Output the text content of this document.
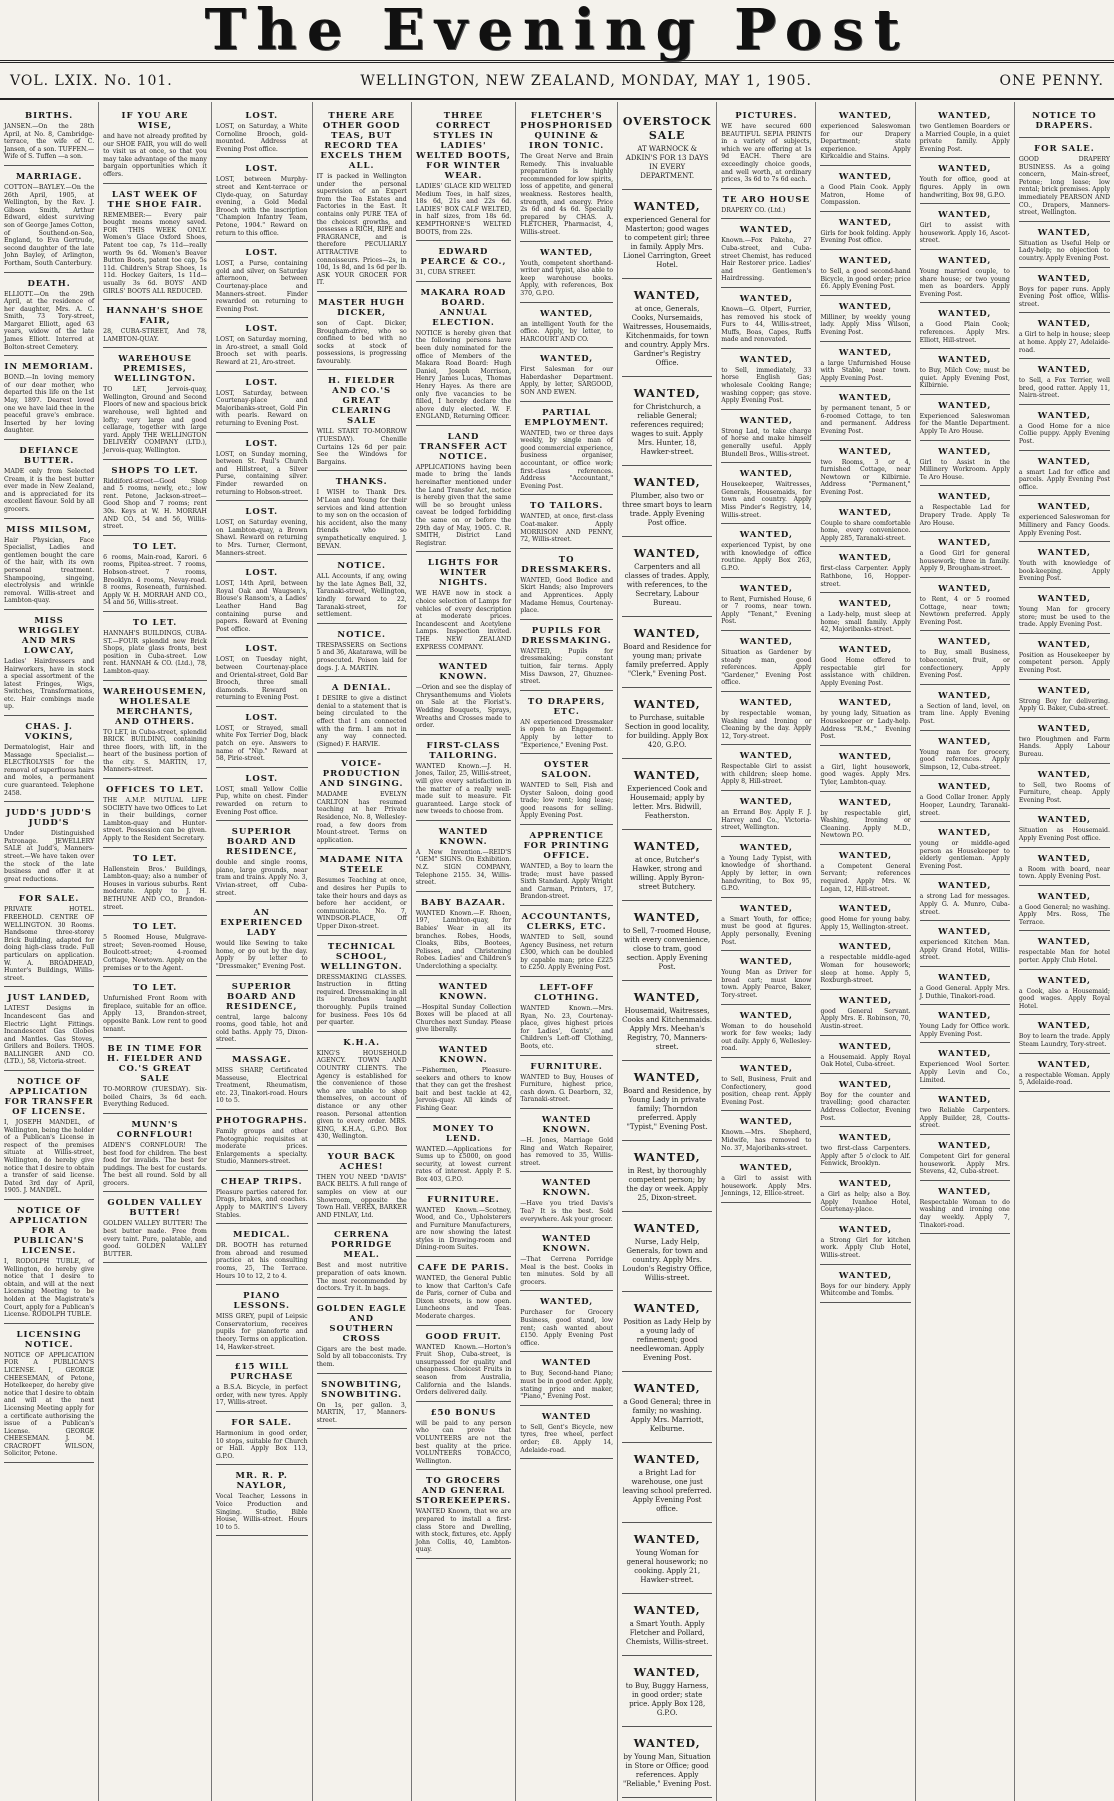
The Evening Post
VOL. LXIX. No. 101.	WELLINGTON, NEW ZEALAND, MONDAY, MAY 1, 1905.	ONE PENNY.
BIRTHS.

JANSEN.—On the 28th April, at No. 8, Cambridge-terrace, the wife of C. Jansen, of a son. TUFFEN.—Wife of S. Tuffen —a son.

MARRIAGE.

COTTON—BAYLEY.—On the 26th April, 1905, at Wellington, by the Rev. J. Gibson Smith, Arthur Edward, eldest surviving son of George James Cotton, of Southend-on-Sea, England, to Eva Gertrude, second daughter of the late John Bayley, of Arlington, Fortham, South Canterbury.

DEATH.

ELLIOTT.—On the 29th April, at the residence of her daughter, Mrs. A. C. Smith, 73 Tory-street, Margaret Elliott, aged 63 years, widow of the late James Elliott. Interred at Bolton-street Cemetery.

IN MEMORIAM.

BOND.—In loving memory of our dear mother, who departed this life on the 1st May, 1897. Dearest loved one we have laid thee in the peaceful grave's embrace. Inserted by her loving daughter.

DEFIANCE BUTTER.

MADE only from Selected Cream, it is the best butter ever made in New Zealand, and is appreciated for its excellent flavour. Sold by all grocers.

MISS MILSOM,

Hair Physician, Face Specialist, Ladies and gentlemen bought the care of the hair, with its own personal treatment. Shampooing, singeing, electrolysis and wrinkle removal. Willis-street and Lambton-quay.

MISS WRIGGLEY AND MRS LOWCAY,

Ladies' Hairdressers and Hairworkers, have in stock a special assortment of the latest Fringes, Wigs, Switches, Transformations, etc. Hair combings made up.

CHAS. J. VOKINS,

Dermatologist, Hair and Massage Specialist.—ELECTROLYSIS for the removal of superfluous hairs and moles, a permanent cure guaranteed. Telephone 2458.

JUDD'S JUDD'S JUDD'S

Under Distinguished Patronage. JEWELLERY SALE at Judd's, Manners-street.—We have taken over the stock of the late business and offer it at great reductions.

FOR SALE.

PRIVATE HOTEL. FREEHOLD. CENTRE OF WELLINGTON. 30 Rooms. Handsome three-storey Brick Building, adapted for doing high-class trade. Full particulars on application. W. A. BROADHEAD, Hunter's Buildings, Willis-street.

JUST LANDED,

LATEST Designs in Incandescent Gas and Electric Light Fittings. Incandescent Gas Globes and Mantles. Gas Stoves, Grillers and Boilers. THOS. BALLINGER AND CO. (LTD.), 58, Victoria-street.

NOTICE OF APPLICATION FOR TRANSFER OF LICENSE.

I, JOSEPH MANDEL, of Wellington, being the holder of a Publican's License in respect of the premises situate at Willis-street, Wellington, do hereby give notice that I desire to obtain a transfer of said license. Dated 3rd day of April, 1905. J. MANDEL.

NOTICE OF APPLICATION FOR A PUBLICAN'S LICENSE.

I, RODOLPH TUBLE, of Wellington, do hereby give notice that I desire to obtain, and will at the next Licensing Meeting to be holden at the Magistrate's Court, apply for a Publican's License. RODOLPH TUBLE.

LICENSING NOTICE.

NOTICE OF APPLICATION FOR A PUBLICAN'S LICENSE. I, GEORGE CHEESEMAN, of Petone, Hotelkeeper, do hereby give notice that I desire to obtain and will at the next Licensing Meeting apply for a certificate authorising the issue of a Publican's License. GEORGE CHEESEMAN. J. M. CRACROFT WILSON, Solicitor, Petone.

IF YOU ARE WISE,

and have not already profited by our SHOE FAIR, you will do well to visit us at once, so that you may take advantage of the many bargain opportunities which it offers.

LAST WEEK OF THE SHOE FAIR.

REMEMBER:— Every pair bought means money saved. FOR THIS WEEK ONLY. Women's Glace Oxford Shoes, Patent toe cap, 7s 11d—really worth 9s 6d. Women's Beaver Button Boots, patent toe cap, 5s 11d. Children's Strap Shoes, 1s 11d. Hockey Gaiters, 1s 11d—usually 3s 6d. BOYS' AND GIRLS' BOOTS ALL REDUCED.

HANNAH'S SHOE FAIR,

28, CUBA-STREET, And 78, LAMBTON-QUAY.

WAREHOUSE PREMISES, WELLINGTON.

TO LET, Jervois-quay, Wellington, Ground and Second Floors of new and spacious brick warehouse, well lighted and lofty; very large and good cellarage, together with large yard. Apply THE WELLINGTON DELIVERY COMPANY (LTD.), Jervois-quay, Wellington.

SHOPS TO LET.

Riddiford-street—Good Shop and 5 rooms, newly, etc.; low rent. Petone, Jackson-street—Good Shop and 7 rooms; rent 30s. Keys at W. H. MORRAH AND CO., 54 and 56, Willis-street.

TO LET.

6 rooms, Main-road, Karori. 6 rooms, Pipitea-street. 7 rooms, Hobson-street. 7 rooms, Brooklyn. 4 rooms, Nevay-road. 8 rooms, Roseneath, furnished. Apply W. H. MORRAH AND CO., 54 and 56, Willis-street.

TO LET.

HANNAH'S BUILDINGS, CUBA-ST.—FOUR splendid new Brick Shops, plate glass fronts, best position in Cuba-street. Low rent. HANNAH & CO. (Ltd.), 78, Lambton-quay.

WAREHOUSEMEN, WHOLESALE MERCHANTS, AND OTHERS.

TO LET, in Cuba-street, splendid BRICK BUILDING, containing three floors, with lift, in the heart of the business portion of the city. S. MARTIN, 17, Manners-street.

OFFICES TO LET.

THE A.M.P. MUTUAL LIFE SOCIETY have two Offices to Let in their buildings, corner Lambton-quay and Hunter-street. Possession can be given. Apply to the Resident Secretary.

TO LET.

Hallenstein Bros.' Buildings, Lambton-quay; also a number of Houses in various suburbs. Rent moderate. Apply to J. H. BETHUNE AND CO., Brandon-street.

TO LET.

5 Roomed House, Mulgrave-street; Seven-roomed House, Boulcott-street; 4-roomed Cottage, Newtown. Apply on the premises or to the Agent.

TO LET.

Unfurnished Front Room with fireplace, suitable for an office. Apply 13, Brandon-street, opposite Bank. Low rent to good tenant.

BE IN TIME FOR H. FIELDER AND CO.'S GREAT SALE

TO-MORROW (TUESDAY). Six-boiled Chairs, 3s 6d each. Everything Reduced.

MUNN'S CORNFLOUR!

AIDEN'S CORNFLOUR! The best food for children. The best food for invalids. The best for puddings. The best for custards. The best all round. Sold by all grocers.

GOLDEN VALLEY BUTTER!

GOLDEN VALLEY BUTTER! The best butter made. Free from every taint. Pure, palatable, and good. GOLDEN VALLEY BUTTER.

LOST.

LOST, on Saturday, a White Cornoline Brooch, gold-mounted. Address at Evening Post office.

LOST.

LOST, between Murphy-street and Kent-terrace or Clyde-quay, on Saturday evening, a Gold Medal Brooch with the inscription "Champion Infantry Team, Petone, 1904." Reward on return to this office.

LOST.

LOST, a Purse, containing gold and silver, on Saturday afternoon, between Courtenay-place and Manners-street. Finder rewarded on returning to Evening Post.

LOST.

LOST, on Saturday morning, in Aro-street, a small Gold Brooch set with pearls. Reward at 21, Aro-street.

LOST.

LOST, Saturday, between Courtenay-place and Majoribanks-street, Gold Pin with pearls. Reward on returning to Evening Post.

LOST.

LOST, on Sunday morning, between St. Paul's Church and Hillstreet, a Silver Purse, containing silver. Finder rewarded on returning to Hobson-street.

LOST.

LOST, on Saturday evening, on Lambton-quay, a Brown Shawl. Reward on returning to Mrs. Turner, Clermont, Manners-street.

LOST.

LOST, 14th April, between Royal Oak and Waugsen's, Blouse's Ransom's, a Ladies' Leather Hand Bag containing purse and papers. Reward at Evening Post office.

LOST.

LOST, on Tuesday night, between Courtenay-place and Oriental-street, Gold Bar Brooch, three small diamonds. Reward on returning to Evening Post.

LOST.

LOST, or Strayed, small white Fox Terrier Dog, black patch on eye. Answers to name of "Nip." Reward at 58, Pirie-street.

LOST.

LOST, small Yellow Collie Pup, white on chest. Finder rewarded on return to Evening Post office.

SUPERIOR BOARD AND RESIDENCE,

double and single rooms, piano, large grounds, near tram and trains. Apply No. 3, Vivian-street, off Cuba-street.

AN EXPERIENCED LADY

would like Sewing to take home, or go out by the day. Apply by letter to "Dressmaker," Evening Post.

SUPERIOR BOARD AND RESIDENCE,

central, large balcony rooms, good table, hot and cold baths. Apply 75, Dixon-street.

MASSAGE.

MISS SHARP, Certificated Masseuse, Electrical Treatment, Rheumatism, etc. 23, Tinakori-road. Hours 10 to 5.

PHOTOGRAPHS.

Family groups and other Photographic requisites at moderate prices. Enlargements a specialty. Studio, Manners-street.

CHEAP TRIPS.

Pleasure parties catered for. Drags, brakes, and coaches. Apply to MARTIN'S Livery Stables.

MEDICAL.

DR. BOOTH has returned from abroad and resumed practice at his consulting rooms, 25, The Terrace. Hours 10 to 12, 2 to 4.

PIANO LESSONS.

MISS GREY, pupil of Leipsic Conservatorium, receives pupils for pianoforte and theory. Terms on application. 14, Hawker-street.

£15 WILL PURCHASE

a B.S.A. Bicycle, in perfect order, with new tyres. Apply 17, Willis-street.

FOR SALE.

Harmonium in good order, 10 stops, suitable for Church or Hall. Apply Box 113, G.P.O.

MR. R. P. NAYLOR,

Vocal Teacher, Lessons in Voice Production and Singing. Studio, Bible House, Willis-street. Hours 10 to 5.

THERE ARE OTHER GOOD TEAS, BUT RECORD TEA EXCELS THEM ALL.

IT is packed in Wellington under the personal supervision of an Expert from the Tea Estates and Factories in the East. It contains only PURE TEA of the choicest growths, and possesses a RICH, RIPE and FRAGRANCE, and is therefore PECULIARLY ATTRACTIVE to connoisseurs. Prices—2s, in 10d, 1s 8d, and 1s 6d per lb. ASK YOUR GROCER FOR IT.

MASTER HUGH DICKER,

son of Capt. Dicker, Brougham-drive, who so confined to bed with no socks at stock of possessions, is progressing favourably.

H. FIELDER AND CO.'S GREAT CLEARING SALE

WILL START TO-MORROW (TUESDAY). Chenille Curtains 12s 6d per pair. See the Windows for Bargains.

THANKS.

I WISH to Thank Drs. M'Lean and Young for their services and kind attention to my son on the occasion of his accident, also the many friends who so sympathetically enquired. J. BEVAN.

NOTICE.

ALL Accounts, if any, owing by the late Agnes Bell, 32, Taranaki-street, Wellington, kindly forward to 22, Taranaki-street, for settlement.

NOTICE.

TRESPASSERS on Sections 5 and 36, Akatarawa, will be prosecuted. Poison laid for dogs. J. A. MARTIN.

A DENIAL.

I DESIRE to give a distinct denial to a statement that is being circulated to the effect that I am connected with the firm. I am not in any way connected. (Signed) F. HARVIE.

VOICE-PRODUCTION AND SINGING.

MADAME EVELYN CARLTON has resumed teaching at her Private Residence, No. 8, Wellesley-road, a few doors from Mount-street. Terms on application.

MADAME NITA STEELE

Resumes Teaching at once, and desires her Pupils to take their hours and days as before her accident, or communicate. No. 7, WINDSOR-PLACE, Off Upper Dixon-street.

TECHNICAL SCHOOL, WELLINGTON.

DRESSMAKING CLASSES. Instruction in fitting required. Dressmaking in all its branches taught thoroughly. Pupils trained for business. Fees 10s 6d per quarter.

K.H.A.

KING'S HOUSEHOLD AGENCY. TOWN AND COUNTRY CLIENTS. The Agency is established for the convenience of those who are unable to shop themselves, on account of distance or any other reason. Personal attention given to every order. MRS. KING, K.H.A., G.P.O. Box 430, Wellington.

YOUR BACK ACHES!

THEN YOU NEED "DAVIS" BACK BELTS. A full range of samples on view at our Showroom, opposite the Town Hall. VEREX, BARKER AND FINLAY, Ltd.

CERRENA PORRIDGE MEAL.

Best and most nutritive preparation of oats known. The most recommended by doctors. Try it. In bags.

GOLDEN EAGLE AND SOUTHERN CROSS

Cigars are the best made. Sold by all tobacconists. Try them.

SNOWBITING, SNOWBITING.

On 1s, per gallon. 3, MARTIN, 17, Manners-street.

THREE CORRECT STYLES IN LADIES' WELTED BOOTS, FOR WINTER WEAR.

LADIES' GLACE KID WELTED Medium Toes, in half sizes, 18s 6d, 21s and 22s 6d. LADIES' BOX CALF WELTED, in half sizes, from 18s 6d. KEMPTHORNE'S WELTED BOOTS, from 22s.

EDWARD PEARCE & CO.,

31, CUBA STREET.

MAKARA ROAD BOARD. ANNUAL ELECTION.

NOTICE is hereby given that the following persons have been duly nominated for the office of Members of the Makara Road Board: Hugh Daniel, Joseph Morrison, Henry James Lucas, Thomas Henry Hayes. As there are only five vacancies to be filled, I hereby declare the above duly elected. W. F. ENGLAND, Returning Officer.

LAND TRANSFER ACT NOTICE.

APPLICATIONS having been made to bring the lands hereinafter mentioned under the Land Transfer Act, notice is hereby given that the same will be so brought unless caveat be lodged forbidding the same on or before the 29th day of May, 1905. C. R. SMITH, District Land Registrar.

LIGHTS FOR WINTER NIGHTS.

WE HAVE now in stock a choice selection of Lamps for vehicles of every description at moderate prices. Incandescent and Acetylene Lamps. Inspection invited. THE NEW ZEALAND EXPRESS COMPANY.

WANTED KNOWN.

—Orion and see the display of Chrysanthemums and Violets on Sale at the Florist's. Wedding Bouquets, Sprays, Wreaths and Crosses made to order.

FIRST-CLASS TAILORING.

WANTED Known.—J. H. Jones, Tailor, 25, Willis-street, will give every satisfaction in the matter of a really well-made suit to measure. Fit guaranteed. Large stock of new tweeds to choose from.

WANTED KNOWN.

A New Invention.—REID'S "GEM" SIGNS. On Exhibition. N.Z. SIGN COMPANY, Telephone 2155. 34, Willis-street.

BABY BAZAAR.

WANTED Known.—F. Rhoen, 197, Lambton-quay, for Babies' Wear in all its branches. Robes, Hoods, Cloaks, Bibs, Bootees, Pelisses, and Christening Robes. Ladies' and Children's Underclothing a specialty.

WANTED KNOWN.

—Hospital Sunday Collection Boxes will be placed at all Churches next Sunday. Please give liberally.

WANTED KNOWN.

—Fishermen, Pleasure-seekers and others to know that they can get the freshest bait and best tackle at 42, Jervois-quay. All kinds of Fishing Gear.

MONEY TO LEND.

WANTED.—Applications for Sums up to £5000, on good security, at lowest current rates of interest. Apply P. S. Box 403, G.P.O.

FURNITURE.

WANTED Known.—Scotney, Wood, and Co., Upholsterers and Furniture Manufacturers, are now showing the latest styles in Drawing-room and Dining-room Suites.

CAFE DE PARIS.

WANTED, the General Public to know that Carlton's Cafe de Paris, corner of Cuba and Dixon streets, is now open. Luncheons and Teas. Moderate charges.

GOOD FRUIT.

WANTED Known.—Horton's Fruit Shop, Cuba-street, is unsurpassed for quality and cheapness. Choicest Fruits in season from Australia, California and the Islands. Orders delivered daily.

£50 BONUS

will be paid to any person who can prove that VOLUNTEERS are not the best quality at the price. VOLUNTEERS TOBACCO, Wellington.

TO GROCERS AND GENERAL STOREKEEPERS.

WANTED Known, that we are prepared to install a first-class Store and Dwelling, with stock, fixtures, etc. Apply John Collis, 40, Lambton-quay.

FLETCHER'S PHOSPHORISED QUININE & IRON TONIC.

The Great Nerve and Brain Remedy. This invaluable preparation is highly recommended for low spirits, loss of appetite, and general weakness. Restores health, strength, and energy. Price 2s 6d and 4s 6d. Specially prepared by CHAS. A. FLETCHER, Pharmacist, 4, Willis-street.

WANTED,

Youth, competent shorthand-writer and typist, also able to keep warehouse books. Apply, with references, Box 370, G.P.O.

WANTED,

an intelligent Youth for the office. Apply, by letter, to HARCOURT AND CO.

WANTED,

First Salesman for our Haberdasher Department. Apply, by letter, SARGOOD, SON AND EWEN.

PARTIAL EMPLOYMENT.

WANTED, two or three days weekly, by single man of good commercial experience, business organiser, accountant, or office work; first-class references. Address "Accountant," Evening Post.

TO TAILORS.

WANTED, at once, first-class Coat-maker. Apply MORRISON AND PENNY, 72, Willis-street.

TO DRESSMAKERS.

WANTED, Good Bodice and Skirt Hands; also Improvers and Apprentices. Apply Madame Hemus, Courtenay-place.

PUPILS FOR DRESSMAKING.

WANTED, Pupils for dressmaking; constant tuition, fair terms. Apply Miss Dawson, 27, Ghuznee-street.

TO DRAPERS, ETC.

AN experienced Dressmaker is open to an Engagement. Apply by letter to "Experience," Evening Post.

OYSTER SALOON.

WANTED to Sell, Fish and Oyster Saloon, doing good trade; low rent; long lease; good reasons for selling. Apply Evening Post.

APPRENTICE FOR PRINTING OFFICE.

WANTED, a Boy to learn the trade; must have passed Sixth Standard. Apply Wright and Carman, Printers, 17, Brandon-street.

ACCOUNTANTS, CLERKS, ETC.

WANTED to Sell, sound Agency Business, net return £300, which can be doubled by capable man; price £225 to £250. Apply Evening Post.

LEFT-OFF CLOTHING.

WANTED Known.—Mrs. Ryan, No. 23, Courtenay-place, gives highest prices for Ladies', Gents', and Children's Left-off Clothing, Boots, etc.

FURNITURE.

WANTED to Buy, Houses of Furniture, highest price, cash down. G. Dearborn, 32, Taranaki-street.

WANTED KNOWN.

—H. Jones, Marriage Gold Ring and Watch Repairer, has removed to 35, Willis-street.

WANTED KNOWN.

—Have you tried Davis's Tea? It is the best. Sold everywhere. Ask your grocer.

WANTED KNOWN.

—That Cerrena Porridge Meal is the best. Cooks in ten minutes. Sold by all grocers.

WANTED,

Purchaser for Grocery Business, good stand, low rent; cash wanted about £150. Apply Evening Post office.

WANTED

to Buy, Second-hand Piano; must be in good order. Apply, stating price and maker, "Piano," Evening Post.

WANTED

to Sell, Gent's Bicycle, new tyres, free wheel, perfect order; £8. Apply 14, Adelaide-road.

OVERSTOCK SALE

AT WARNOCK & ADKIN'S FOR 13 DAYS IN EVERY DEPARTMENT.

WANTED,

experienced General for Masterton; good wages to competent girl; three in family. Apply Mrs. Lionel Carrington, Greet Hotel.

WANTED,

at once, Generals, Cooks, Nursemaids, Waitresses, Housemaids, Kitchenmaids, for town and country. Apply Mrs. Gardner's Registry Office.

WANTED,

for Christchurch, a reliable General; references required; wages to suit. Apply Mrs. Hunter, 18, Hawker-street.

WANTED,

Plumber, also two or three smart boys to learn trade. Apply Evening Post office.

WANTED,

Carpenters and all classes of trades. Apply, with references, to the Secretary, Labour Bureau.

WANTED,

Board and Residence for young man; private family preferred. Apply "Clerk," Evening Post.

WANTED,

to Purchase, suitable Section in good locality, for building. Apply Box 420, G.P.O.

WANTED,

Experienced Cook and Housemaid; apply by letter. Mrs. Bidwill, Featherston.

WANTED,

at once, Butcher's Hawker, strong and willing. Apply Byron-street Butchery.

WANTED,

to Sell, 7-roomed House, with every convenience, close to tram, good section. Apply Evening Post.

WANTED,

Housemaid, Waitresses, Cooks and Kitchenmaids. Apply Mrs. Meehan's Registry, 70, Manners-street.

WANTED,

Board and Residence, by Young Lady in private family; Thorndon preferred. Apply "Typist," Evening Post.

WANTED,

in Rest, by thoroughly competent person; by the day or week. Apply 25, Dixon-street.

WANTED,

Nurse, Lady Help, Generals, for town and country. Apply Mrs. Loudon's Registry Office, Willis-street.

WANTED,

Position as Lady Help by a young lady of refinement; good needlewoman. Apply Evening Post.

WANTED,

a Good General; three in family; no washing. Apply Mrs. Marriott, Kelburne.

WANTED,

a Bright Lad for warehouse, one just leaving school preferred. Apply Evening Post office.

WANTED,

Young Woman for general housework; no cooking. Apply 21, Hawker-street.

WANTED,

a Smart Youth. Apply Fletcher and Pollard, Chemists, Willis-street.

WANTED,

to Buy, Buggy Harness, in good order; state price. Apply Box 128, G.P.O.

WANTED,

by Young Man, Situation in Store or Office; good references. Apply "Reliable," Evening Post.

PICTURES.

WE have secured 600 BEAUTIFUL SEPIA PRINTS in a variety of subjects, which we are offering at 1s 9d EACH. There are exceedingly choice goods, and well worth, at ordinary prices, 3s 6d to 7s 6d each.

TE ARO HOUSE

DRAPERY CO. (Ltd.)

WANTED,

Known.—Fox Pakeha, 27 Cuba-street, and Cuba-street Chemist, has reduced Hair Restorer price. Ladies' and Gentlemen's Hairdressing.

WANTED,

Known—G. Olpert, Furrier, has removed his stock of Furs to 44, Willis-street, Muffs, Boas, Capes, Ruffs made and renovated.

WANTED,

to Sell, immediately, 33 horse English Gas; wholesale Cooking Range; washing copper; gas stove. Apply Evening Post.

WANTED,

Strong Lad, to take charge of horse and make himself generally useful. Apply Blundell Bros., Willis-street.

WANTED,

Housekeeper, Waitresses, Generals, Housemaids, for town and country. Apply Miss Pinder's Registry, 14, Willis-street.

WANTED,

experienced Typist, by one with knowledge of office routine. Apply Box 263, G.P.O.

WANTED,

to Rent, Furnished House, 6 or 7 rooms, near town. Apply "Tenant," Evening Post.

WANTED,

Situation as Gardener by steady man, good references. Apply "Gardener," Evening Post office.

WANTED,

by respectable woman, Washing and Ironing or Cleaning by the day. Apply 12, Tory-street.

WANTED,

Respectable Girl to assist with children; sleep home. Apply 8, Hill-street.

WANTED,

an Errand Boy. Apply F. J. Harvey and Co., Victoria-street, Wellington.

WANTED,

a Young Lady Typist, with knowledge of shorthand. Apply by letter, in own handwriting, to Box 95, G.P.O.

WANTED,

a Smart Youth, for office; must be good at figures. Apply personally, Evening Post.

WANTED,

Young Man as Driver for bread cart; must know town. Apply Pearce, Baker, Tory-street.

WANTED,

Woman to do household work for few weeks; lady out daily. Apply 6, Wellesley-road.

WANTED,

to Sell, Business, Fruit and Confectionery, good position, cheap rent. Apply Evening Post.

WANTED,

Known.—Mrs. Shepherd, Midwife, has removed to No. 37, Majoribanks-street.

WANTED,

a Girl to assist with housework. Apply Mrs. Jennings, 12, Ellice-street.

WANTED,

experienced Saleswoman for our Drapery Department; state experience. Apply Kirkcaldie and Stains.

WANTED,

a Good Plain Cook. Apply Matron, Home of Compassion.

WANTED,

Girls for book folding. Apply Evening Post office.

WANTED,

to Sell, a good second-hand Bicycle, in good order; price £6. Apply Evening Post.

WANTED,

Milliner, by weekly young lady. Apply Miss Wilson, Evening Post.

WANTED,

a large Unfurnished House with Stable, near town. Apply Evening Post.

WANTED,

by permanent tenant, 5 or 6-roomed Cottage, to ten and permanent. Address Evening Post.

WANTED,

two Rooms, 3 or 4, furnished Cottage, near Newtown or Kilbirnie. Address "Permanent," Evening Post.

WANTED,

Couple to share comfortable home, every convenience. Apply 285, Taranaki-street.

WANTED,

first-class Carpenter. Apply Rathbone, 16, Hopper-street.

WANTED,

a Lady-help, must sleep at home; small family. Apply 42, Majoribanks-street.

WANTED,

Good Home offered to respectable girl for assistance with children. Apply Evening Post.

WANTED,

by young lady, Situation as Housekeeper or Lady-help. Address "R.M.," Evening Post.

WANTED,

a Girl, light housework, good wages. Apply Mrs. Tyler, Lambton-quay.

WANTED,

by respectable girl, Washing, Ironing or Cleaning. Apply M.D., Newtown P.O.

WANTED,

a Competent General Servant; references required. Apply Mrs. W. Logan, 12, Hill-street.

WANTED,

good Home for young baby. Apply 15, Wellington-street.

WANTED,

a respectable middle-aged Woman for housework; sleep at home. Apply 5, Roxburgh-street.

WANTED,

good General Servant. Apply Mrs. E. Robinson, 70, Austin-street.

WANTED,

a Housemaid. Apply Royal Oak Hotel, Cuba-street.

WANTED,

Boy for the counter and travelling; good character. Address Collector, Evening Post.

WANTED,

two first-class Carpenters. Apply after 5 o'clock to Alf. Fenwick, Brooklyn.

WANTED,

a Girl as help; also a Boy. Apply Ivanhoe Hotel, Courtenay-place.

WANTED,

a Strong Girl for kitchen work. Apply Club Hotel, Willis-street.

WANTED,

Boys for our bindery. Apply Whitcombe and Tombs.

WANTED,

two Gentlemen Boarders or a Married Couple, in a quiet private family. Apply Evening Post.

WANTED,

Youth for office, good at figures. Apply in own handwriting, Box 98, G.P.O.

WANTED,

Girl to assist with housework. Apply 16, Ascot-street.

WANTED,

Young married couple, to share house; or two young men as boarders. Apply Evening Post.

WANTED,

a Good Plain Cook; references. Apply Mrs. Elliott, Hill-street.

WANTED,

to Buy, Milch Cow; must be quiet. Apply Evening Post, Kilbirnie.

WANTED,

Experienced Saleswoman for the Mantle Department. Apply Te Aro House.

WANTED,

Girl to Assist in the Millinery Workroom. Apply Te Aro House.

WANTED,

a Respectable Lad for Drapery Trade. Apply Te Aro House.

WANTED,

a Good Girl for general housework; three in family. Apply 9, Brougham-street.

WANTED,

to Rent, 4 or 5 roomed Cottage, near town; Newtown preferred. Apply Evening Post.

WANTED,

to Buy, small Business, tobacconist, fruit, or confectionery. Apply Evening Post.

WANTED,

a Section of land, level, on tram line. Apply Evening Post.

WANTED,

Young man for grocery, good references. Apply Simpson, 12, Cuba-street.

WANTED,

a Good Collar Ironer. Apply Hooper, Laundry, Taranaki-street.

WANTED,

young or middle-aged person as Housekeeper to elderly gentleman. Apply Evening Post.

WANTED,

a strong Lad for messages. Apply G. A. Munro, Cuba-street.

WANTED,

experienced Kitchen Man. Apply Grand Hotel, Willis-street.

WANTED,

a Good General. Apply Mrs. J. Duthie, Tinakori-road.

WANTED,

Young Lady for Office work. Apply Evening Post.

WANTED,

Experienced Wool Sorter. Apply Levin and Co., Limited.

WANTED,

two Reliable Carpenters. Apply Builder, 28, Coutts-street.

WANTED,

Competent Girl for general housework. Apply Mrs. Stevens, 42, Cuba-street.

WANTED,

Respectable Woman to do washing and ironing one day weekly. Apply 7, Tinakori-road.

NOTICE TO DRAPERS.
FOR SALE.

GOOD DRAPERY BUSINESS. As a going concern, Main-street, Petone; long lease; low rental; brick premises. Apply immediately PEARSON AND CO., Drapers, Manners-street, Wellington.

WANTED,

Situation as Useful Help or Lady-help; no objection to country. Apply Evening Post.

WANTED,

Boys for paper runs. Apply Evening Post office, Willis-street.

WANTED,

a Girl to help in house; sleep at home. Apply 27, Adelaide-road.

WANTED,

to Sell, a Fox Terrier, well bred, good ratter. Apply 11, Nairn-street.

WANTED,

a Good Home for a nice Collie puppy. Apply Evening Post.

WANTED,

a smart Lad for office and parcels. Apply Evening Post office.

WANTED,

experienced Saleswoman for Millinery and Fancy Goods. Apply Evening Post.

WANTED,

Youth with knowledge of book-keeping. Apply Evening Post.

WANTED,

Young Man for grocery store; must be used to the trade. Apply Evening Post.

WANTED,

Position as Housekeeper by competent person. Apply Evening Post.

WANTED,

Strong Boy for delivering. Apply G. Baker, Cuba-street.

WANTED,

two Ploughmen and Farm Hands. Apply Labour Bureau.

WANTED,

to Sell, two Rooms of Furniture, cheap. Apply Evening Post.

WANTED,

Situation as Housemaid. Apply Evening Post office.

WANTED,

a Room with board, near town. Apply Evening Post.

WANTED,

a Good General; no washing. Apply Mrs. Ross, The Terrace.

WANTED,

respectable Man for hotel porter. Apply Club Hotel.

WANTED,

a Cook, also a Housemaid; good wages. Apply Royal Hotel.

WANTED,

Boy to learn the trade. Apply Steam Laundry, Tory-street.

WANTED,

a respectable Woman. Apply 5, Adelaide-road.
